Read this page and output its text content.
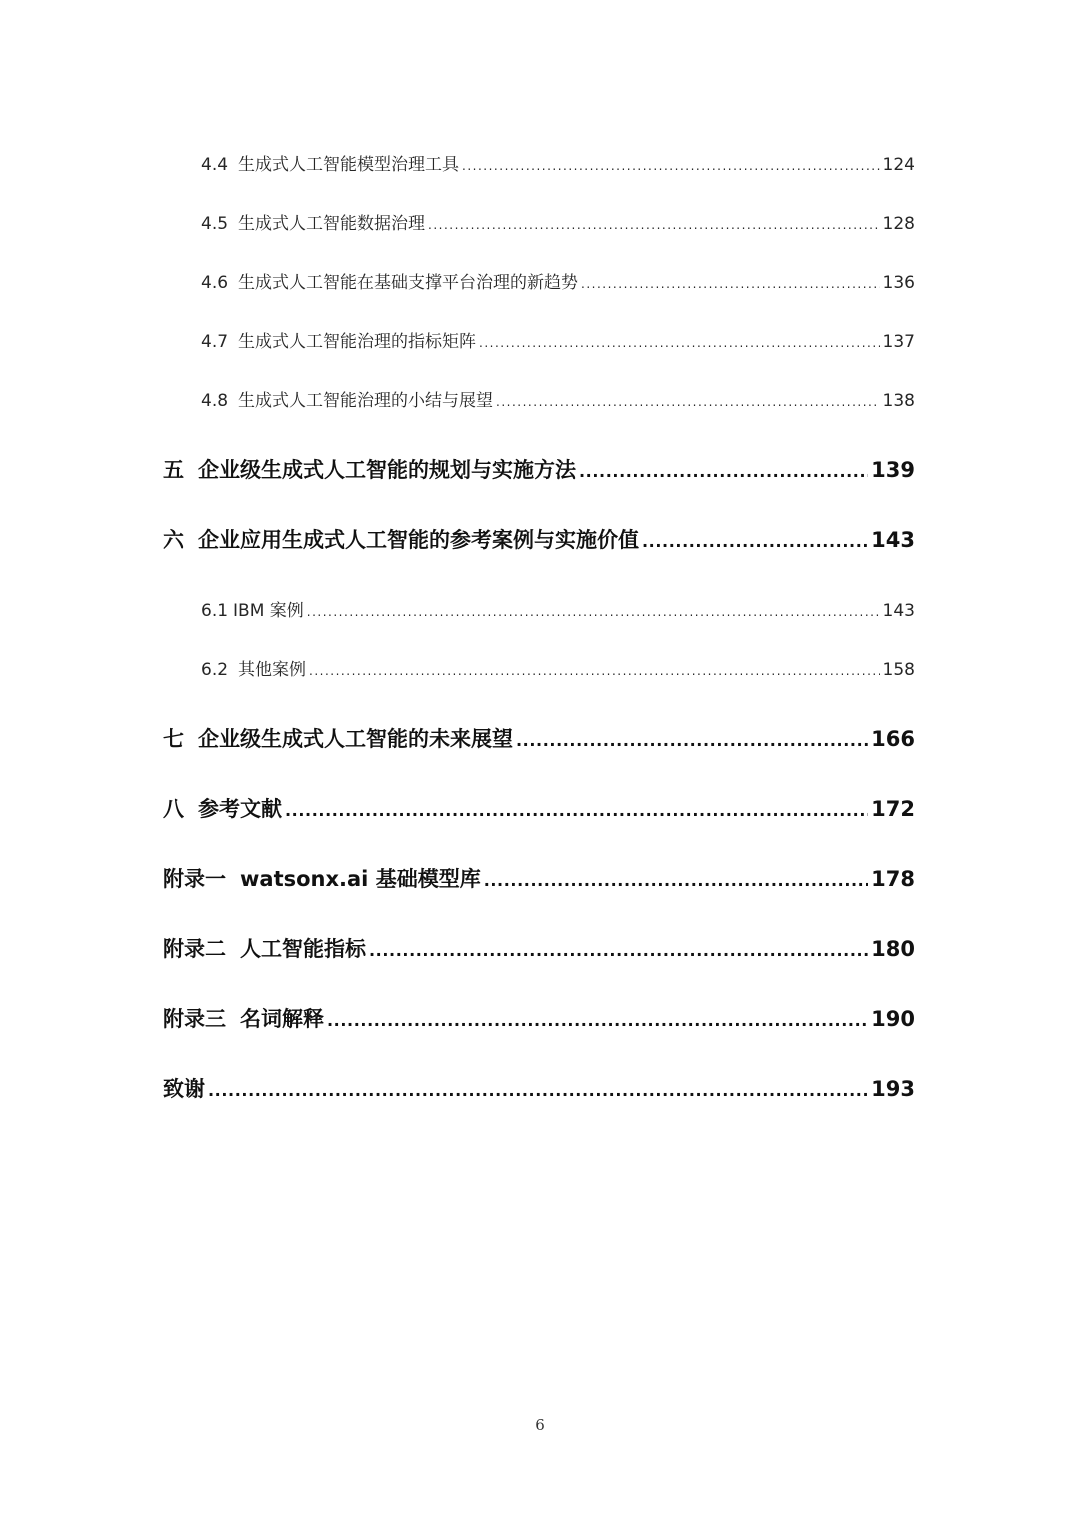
4.4 生成式人工智能模型治理工具 .....	124
4.5 生成式人工智能数据治理 .....	128
4.6 生成式人工智能在基础支撑平台治理的新趋势 .....	136
4.7 生成式人工智能治理的指标矩阵 .....	137
4.8 生成式人工智能治理的小结与展望 .....	138
五 企业级生成式人工智能的规划与实施方法 .....	139
六 企业应用生成式人工智能的参考案例与实施价值 .....	143
6.1 IBM 案例 .....	143
6.2 其他案例 .....	158
七 企业级生成式人工智能的未来展望 .....	166
八 参考文献 .....	172
附录一 watsonx.ai 基础模型库 .....	178
附录二 人工智能指标 .....	180
附录三 名词解释 .....	190
致谢 .....	193
6
